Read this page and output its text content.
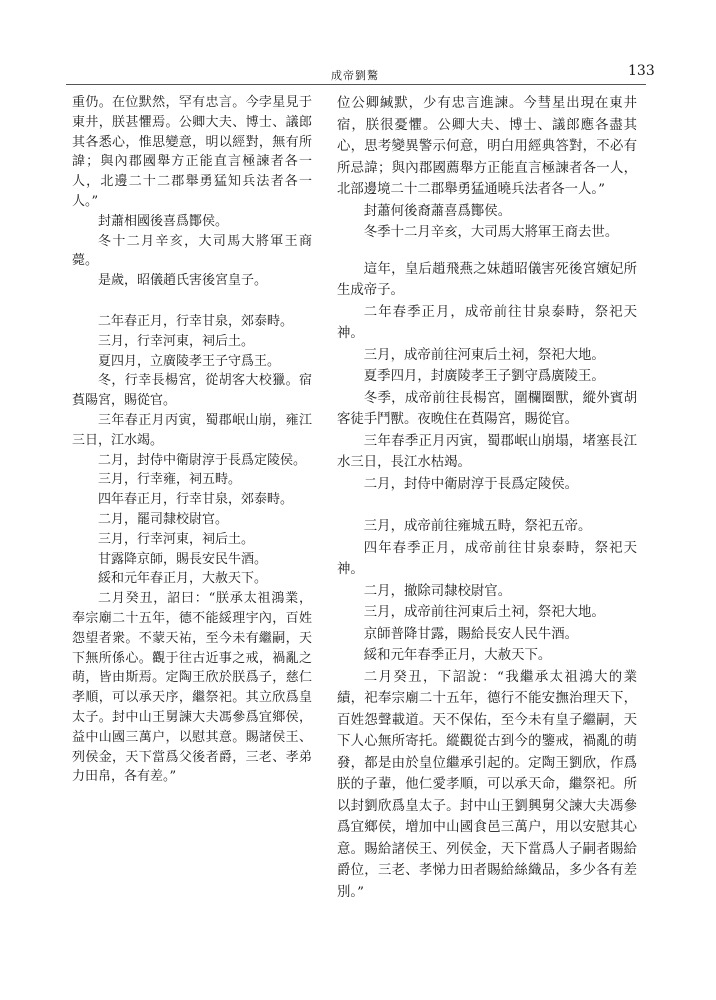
成帝劉驁	133

重仍。在位默然，罕有忠言。今孛星見于東井，朕甚懼焉。公卿大夫、博士、議郎其各悉心，惟思變意，明以經對，無有所諱；與內郡國舉方正能直言極諫者各一人，北邊二十二郡舉勇猛知兵法者各一人。”

封蕭相國後喜爲酇侯。

冬十二月辛亥，大司馬大將軍王商薨。

是歲，昭儀趙氏害後宮皇子。

二年春正月，行幸甘泉，郊泰畤。

三月，行幸河東，祠后土。

夏四月，立廣陵孝王子守爲王。

冬，行幸長楊宮，從胡客大校獵。宿萯陽宮，賜從官。

三年春正月丙寅，蜀郡岷山崩，雍江三日，江水竭。

二月，封侍中衛尉淳于長爲定陵侯。

三月，行幸雍，祠五畤。

四年春正月，行幸甘泉，郊泰畤。

二月，罷司隸校尉官。

三月，行幸河東，祠后土。

甘露降京師，賜長安民牛酒。

綏和元年春正月，大赦天下。

二月癸丑，詔曰：“朕承太祖鴻業，奉宗廟二十五年，德不能綏理宇內，百姓怨望者衆。不蒙天祐，至今未有繼嗣，天下無所係心。觀于往古近事之戒，禍亂之萌，皆由斯焉。定陶王欣於朕爲子，慈仁孝順，可以承天序，繼祭祀。其立欣爲皇太子。封中山王舅諫大夫馮參爲宜鄉侯，益中山國三萬户，以慰其意。賜諸侯王、列侯金，天下當爲父後者爵，三老、孝弟力田帛，各有差。”

位公卿緘默，少有忠言進諫。今彗星出現在東井宿，朕很憂懼。公卿大夫、博士、議郎應各盡其心，思考變異警示何意，明白用經典答對，不必有所忌諱；與內郡國薦舉方正能直言極諫者各一人，北部邊境二十二郡舉勇猛通曉兵法者各一人。”

封蕭何後裔蕭喜爲酇侯。

冬季十二月辛亥，大司馬大將軍王商去世。

這年，皇后趙飛燕之妹趙昭儀害死後宮嬪妃所生成帝子。

二年春季正月，成帝前往甘泉泰畤，祭祀天神。

三月，成帝前往河東后土祠，祭祀大地。

夏季四月，封廣陵孝王子劉守爲廣陵王。

冬季，成帝前往長楊宮，圍欄圈獸，縱外賓胡客徒手鬥獸。夜晚住在萯陽宮，賜從官。

三年春季正月丙寅，蜀郡岷山崩塌，堵塞長江水三日，長江水枯竭。

二月，封侍中衛尉淳于長爲定陵侯。

三月，成帝前往雍城五畤，祭祀五帝。

四年春季正月，成帝前往甘泉泰畤，祭祀天神。

二月，撤除司隸校尉官。

三月，成帝前往河東后土祠，祭祀大地。

京師普降甘露，賜給長安人民牛酒。

綏和元年春季正月，大赦天下。

二月癸丑，下詔說：“我繼承太祖鴻大的業績，祀奉宗廟二十五年，德行不能安撫治理天下，百姓怨聲載道。天不保佑，至今未有皇子繼嗣，天下人心無所寄托。縱觀從古到今的鑒戒，禍亂的萌發，都是由於皇位繼承引起的。定陶王劉欣，作爲朕的子輩，他仁愛孝順，可以承天命，繼祭祀。所以封劉欣爲皇太子。封中山王劉興舅父諫大夫馮參爲宜鄉侯，增加中山國食邑三萬户，用以安慰其心意。賜給諸侯王、列侯金，天下當爲人子嗣者賜給爵位，三老、孝悌力田者賜給絲織品，多少各有差別。”
